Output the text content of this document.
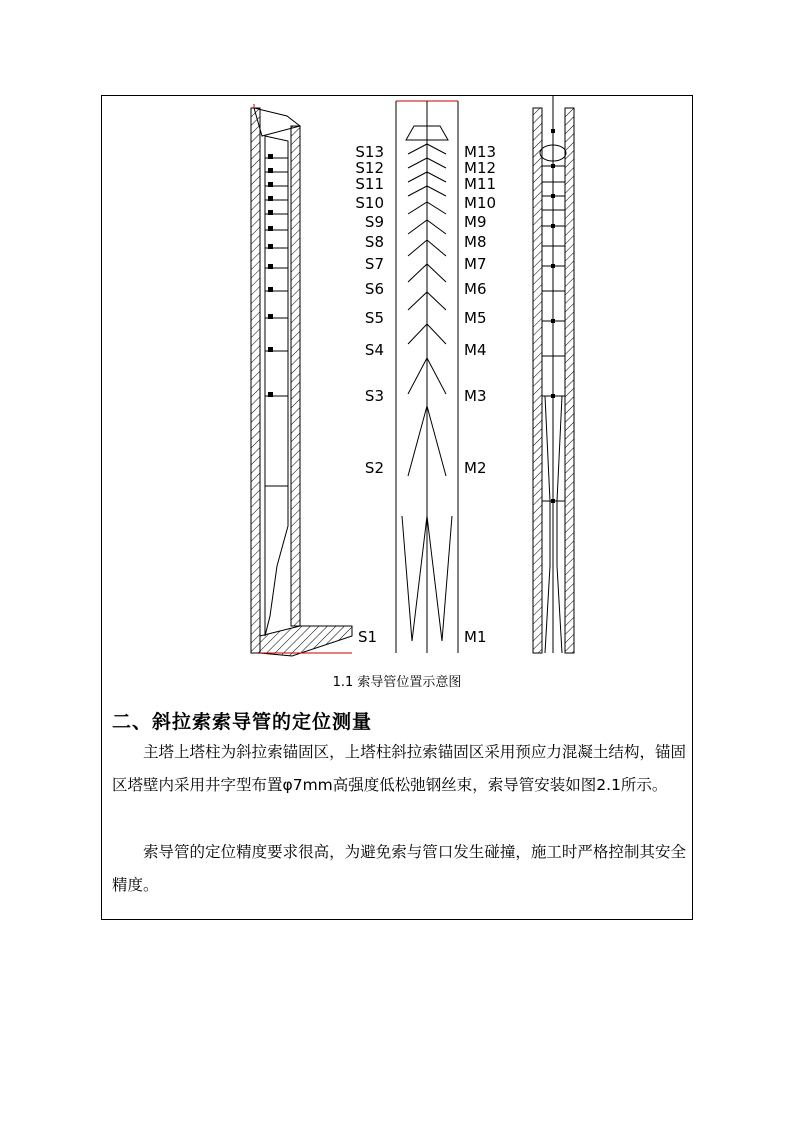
S13
S12
S11
S10
S9
S8
S7
S6
S5
S4
S3
S2
S1
M13
M12
M11
M10
M9
M8
M7
M6
M5
M4
M3
M2
M1
1.1 索导管位置示意图
二、斜拉索索导管的定位测量
主塔上塔柱为斜拉索锚固区，上塔柱斜拉索锚固区采用预应力混凝土结构，锚固区塔壁内采用井字型布置φ7mm高强度低松弛钢丝束，索导管安装如图2.1所示。
索导管的定位精度要求很高，为避免索与管口发生碰撞，施工时严格控制其安全精度。
